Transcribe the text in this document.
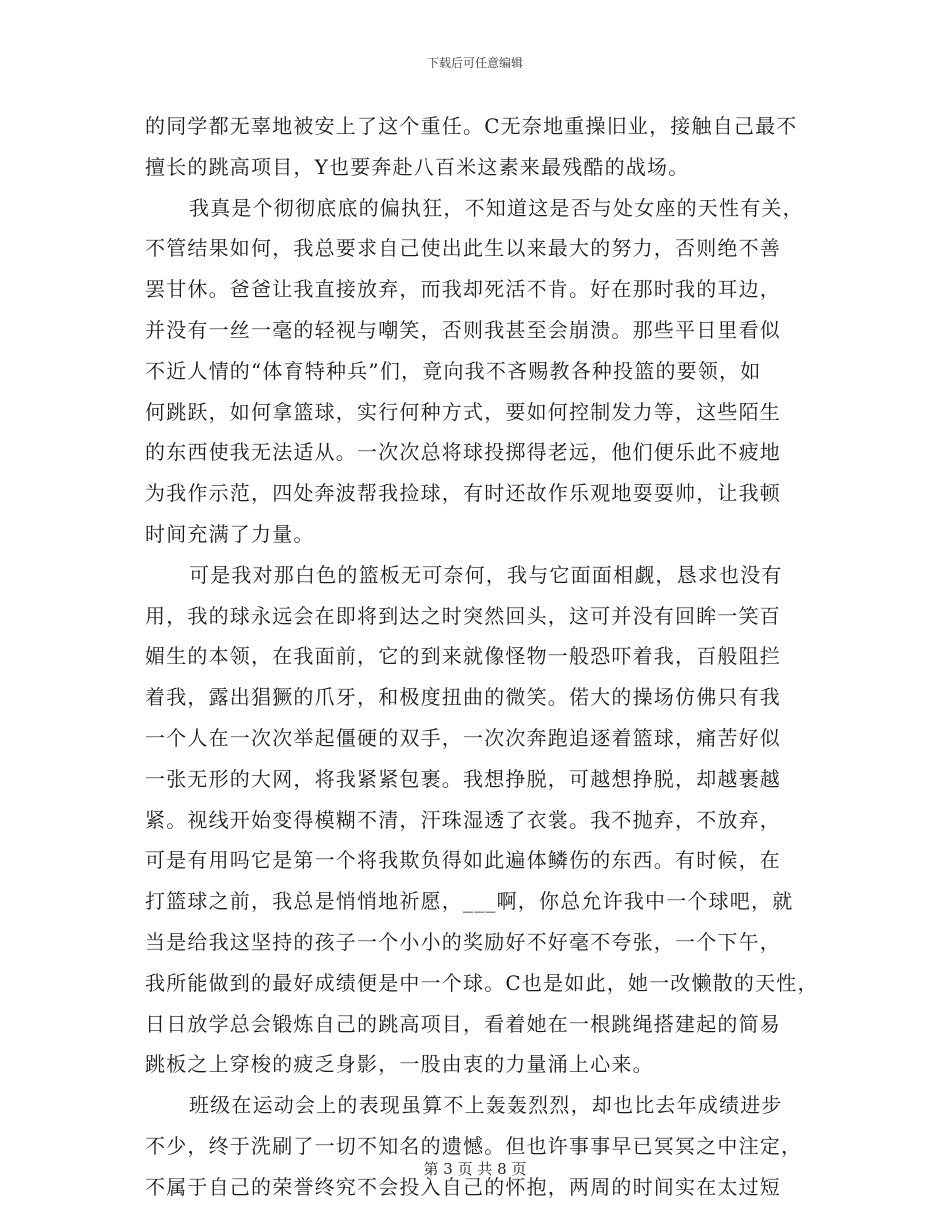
下载后可任意编辑
的同学都无辜地被安上了这个重任。C无奈地重操旧业，接触自己最不
擅长的跳高项目，Y也要奔赴八百米这素来最残酷的战场。
我真是个彻彻底底的偏执狂，不知道这是否与处女座的天性有关，
不管结果如何，我总要求自己使出此生以来最大的努力，否则绝不善
罢甘休。爸爸让我直接放弃，而我却死活不肯。好在那时我的耳边，
并没有一丝一毫的轻视与嘲笑，否则我甚至会崩溃。那些平日里看似
不近人情的“体育特种兵”们，竟向我不吝赐教各种投篮的要领，如
何跳跃，如何拿篮球，实行何种方式，要如何控制发力等，这些陌生
的东西使我无法适从。一次次总将球投掷得老远，他们便乐此不疲地
为我作示范，四处奔波帮我捡球，有时还故作乐观地耍耍帅，让我顿
时间充满了力量。
可是我对那白色的篮板无可奈何，我与它面面相觑，恳求也没有
用，我的球永远会在即将到达之时突然回头，这可并没有回眸一笑百
媚生的本领，在我面前，它的到来就像怪物一般恐吓着我，百般阻拦
着我，露出猖獗的爪牙，和极度扭曲的微笑。偌大的操场仿佛只有我
一个人在一次次举起僵硬的双手，一次次奔跑追逐着篮球，痛苦好似
一张无形的大网，将我紧紧包裹。我想挣脱，可越想挣脱，却越裹越
紧。视线开始变得模糊不清，汗珠湿透了衣裳。我不抛弃，不放弃，
可是有用吗它是第一个将我欺负得如此遍体鳞伤的东西。有时候，在
打篮球之前，我总是悄悄地祈愿，___啊，你总允许我中一个球吧，就
当是给我这坚持的孩子一个小小的奖励好不好毫不夸张，一个下午，
我所能做到的最好成绩便是中一个球。C也是如此，她一改懒散的天性，
日日放学总会锻炼自己的跳高项目，看着她在一根跳绳搭建起的简易
跳板之上穿梭的疲乏身影，一股由衷的力量涌上心来。
班级在运动会上的表现虽算不上轰轰烈烈，却也比去年成绩进步
不少，终于洗刷了一切不知名的遗憾。但也许事事早已冥冥之中注定，
不属于自己的荣誉终究不会投入自己的怀抱，两周的时间实在太过短
第 3 页 共 8 页
